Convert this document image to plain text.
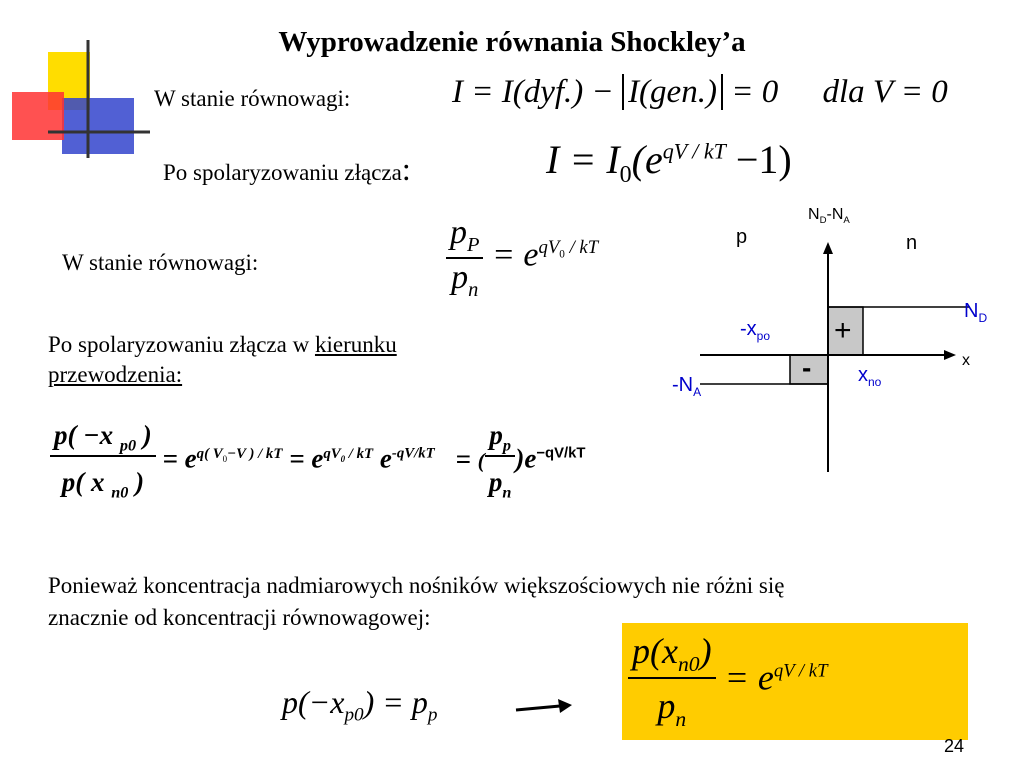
Wyprowadzenie równania Shockley’a
W stanie równowagi:	I = I(dyf.) − I(gen.) = 0 dla V = 0
Po spolaryzowaniu złącza:	$I = I_0(e^{qV / kT} -1)$
W stanie równowagi:	$\frac{p_P}{p_n} = e^{qV_0 / kT}$
Po spolaryzowaniu złącza w kierunku
przewodzenia:
$\frac{p( -x _{p0} )}{p( x _{n0} )} = e^{q( V_0-V ) / kT} = e^{qV_0 / kT}$ $e^{-qV/kT}$ = ( $\frac{p_p}{p_n} )e^{-qV/kT}$
$N_D-N_A$
p	n
$N_D$
$-N_A$
$-x_{po}$
$x_{no}$
x
+
-
Ponieważ koncentracja nadmiarowych nośników większościowych nie różni się
znacznie od koncentracji równowagowej:
$p(-x_{p0}) = p_p$	$\frac{p(x_{n0})}{p_n} = e^{qV / kT}$
24
